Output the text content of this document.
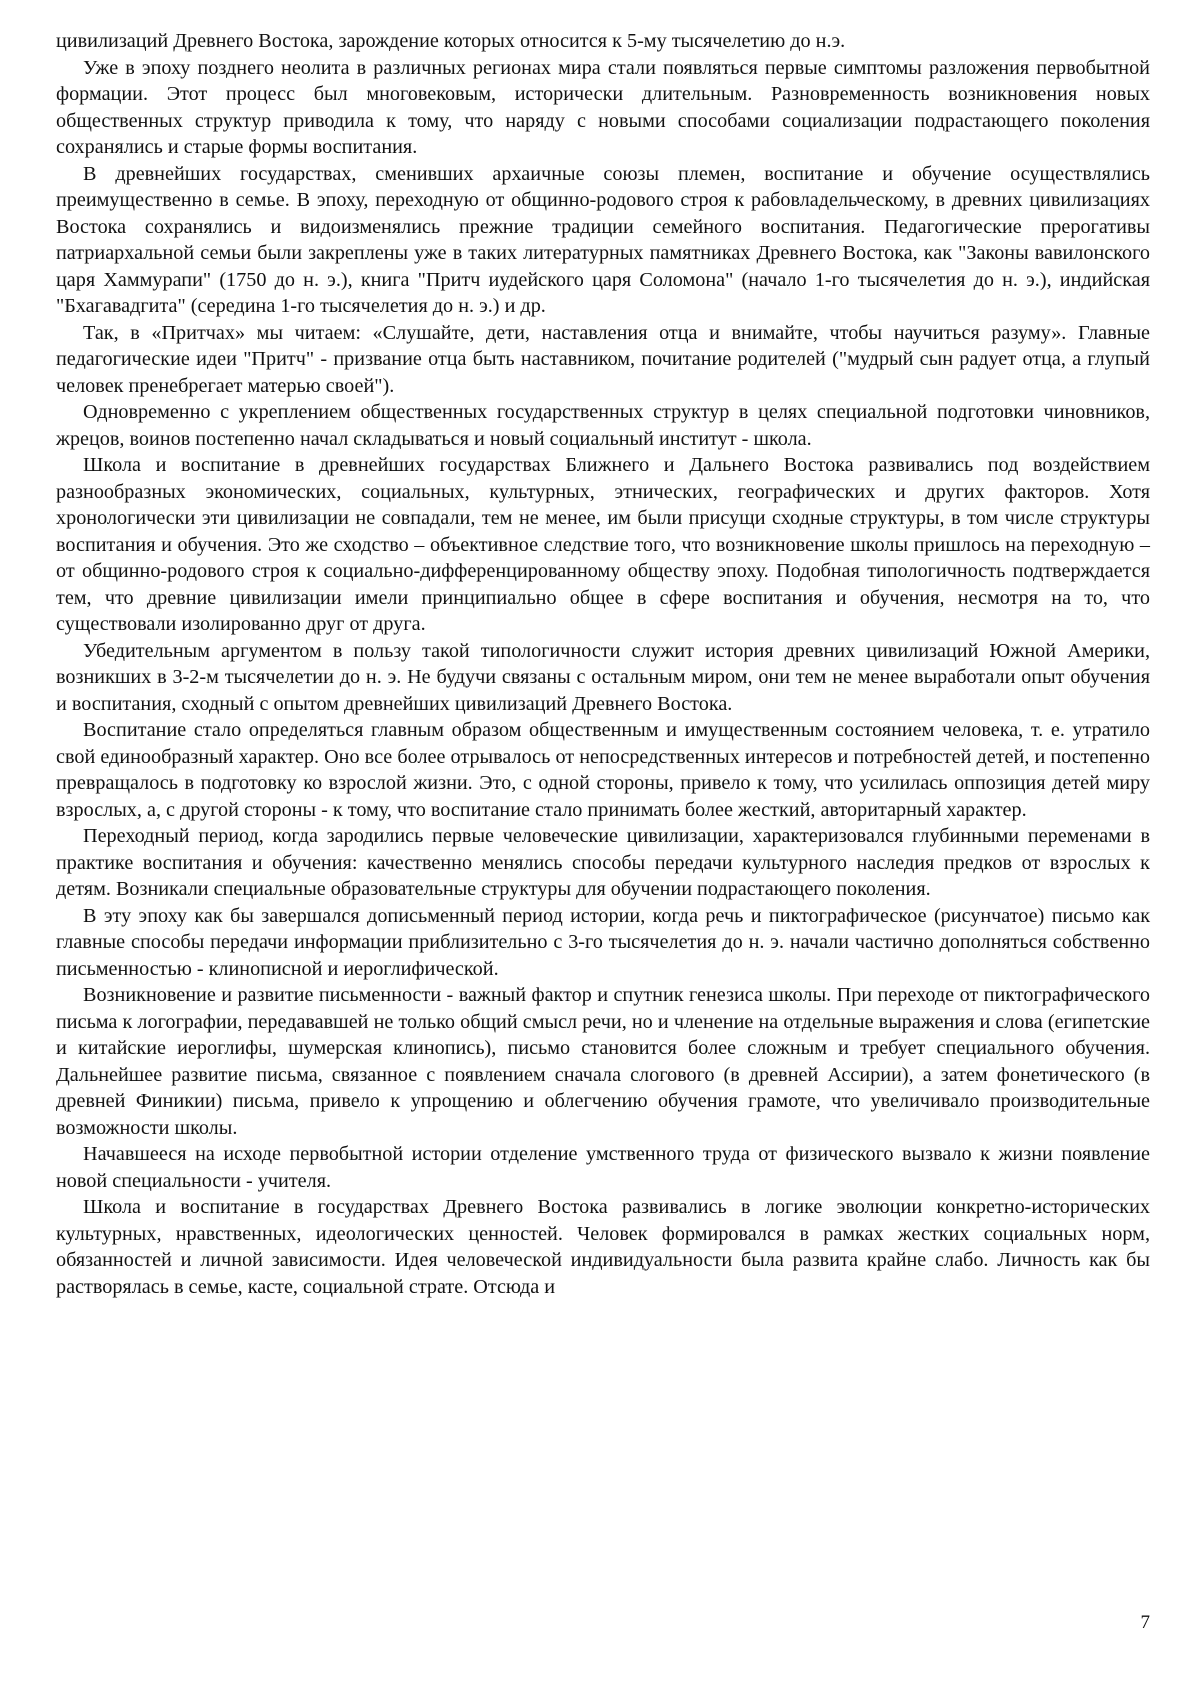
цивилизаций Древнего Востока, зарождение которых относится к 5-му тысячелетию до н.э.

Уже в эпоху позднего неолита в различных регионах мира стали появляться первые симптомы разложения первобытной формации. Этот процесс был многовековым, исторически длительным. Разновременность возникновения новых общественных структур приводила к тому, что наряду с новыми способами социализации подрастающего поколения сохранялись и старые формы воспитания.

В древнейших государствах, сменивших архаичные союзы племен, воспитание и обучение осуществлялись преимущественно в семье. В эпоху, переходную от общинно-родового строя к рабовладельческому, в древних цивилизациях Востока сохранялись и видоизменялись прежние традиции семейного воспитания. Педагогические прерогативы патриархальной семьи были закреплены уже в таких литературных памятниках Древнего Востока, как "Законы вавилонского царя Хаммурапи" (1750 до н. э.), книга "Притч иудейского царя Соломона" (начало 1-го тысячелетия до н. э.), индийская "Бхагавадгита" (середина 1-го тысячелетия до н. э.) и др.

Так, в «Притчах» мы читаем: «Слушайте, дети, наставления отца и внимайте, чтобы научиться разуму». Главные педагогические идеи "Притч" - призвание отца быть наставником, почитание родителей ("мудрый сын радует отца, а глупый человек пренебрегает матерью своей").

Одновременно с укреплением общественных государственных структур в целях специальной подготовки чиновников, жрецов, воинов постепенно начал складываться и новый социальный институт - школа.

Школа и воспитание в древнейших государствах Ближнего и Дальнего Востока развивались под воздействием разнообразных экономических, социальных, культурных, этнических, географических и других факторов. Хотя хронологически эти цивилизации не совпадали, тем не менее, им были присущи сходные структуры, в том числе структуры воспитания и обучения. Это же сходство – объективное следствие того, что возникновение школы пришлось на переходную – от общинно-родового строя к социально-дифференцированному обществу эпоху. Подобная типологичность подтверждается тем, что древние цивилизации имели принципиально общее в сфере воспитания и обучения, несмотря на то, что существовали изолированно друг от друга.

Убедительным аргументом в пользу такой типологичности служит история древних цивилизаций Южной Америки, возникших в 3-2-м тысячелетии до н. э. Не будучи связаны с остальным миром, они тем не менее выработали опыт обучения и воспитания, сходный с опытом древнейших цивилизаций Древнего Востока.

Воспитание стало определяться главным образом общественным и имущественным состоянием человека, т. е. утратило свой единообразный характер. Оно все более отрывалось от непосредственных интересов и потребностей детей, и постепенно превращалось в подготовку ко взрослой жизни. Это, с одной стороны, привело к тому, что усилилась оппозиция детей миру взрослых, а, с другой стороны - к тому, что воспитание стало принимать более жесткий, авторитарный характер.

Переходный период, когда зародились первые человеческие цивилизации, характеризовался глубинными переменами в практике воспитания и обучения: качественно менялись способы передачи культурного наследия предков от взрослых к детям. Возникали специальные образовательные структуры для обучении подрастающего поколения.

В эту эпоху как бы завершался дописьменный период истории, когда речь и пиктографическое (рисунчатое) письмо как главные способы передачи информации приблизительно с 3-го тысячелетия до н. э. начали частично дополняться собственно письменностью - клинописной и иероглифической.

Возникновение и развитие письменности - важный фактор и спутник генезиса школы. При переходе от пиктографического письма к логографии, передававшей не только общий смысл речи, но и членение на отдельные выражения и слова (египетские и китайские иероглифы, шумерская клинопись), письмо становится более сложным и требует специального обучения. Дальнейшее развитие письма, связанное с появлением сначала слогового (в древней Ассирии), а затем фонетического (в древней Финикии) письма, привело к упрощению и облегчению обучения грамоте, что увеличивало производительные возможности школы.

Начавшееся на исходе первобытной истории отделение умственного труда от физического вызвало к жизни появление новой специальности - учителя.

Школа и воспитание в государствах Древнего Востока развивались в логике эволюции конкретно-исторических культурных, нравственных, идеологических ценностей. Человек формировался в рамках жестких социальных норм, обязанностей и личной зависимости. Идея человеческой индивидуальности была развита крайне слабо. Личность как бы растворялась в семье, касте, социальной страте. Отсюда и

7
